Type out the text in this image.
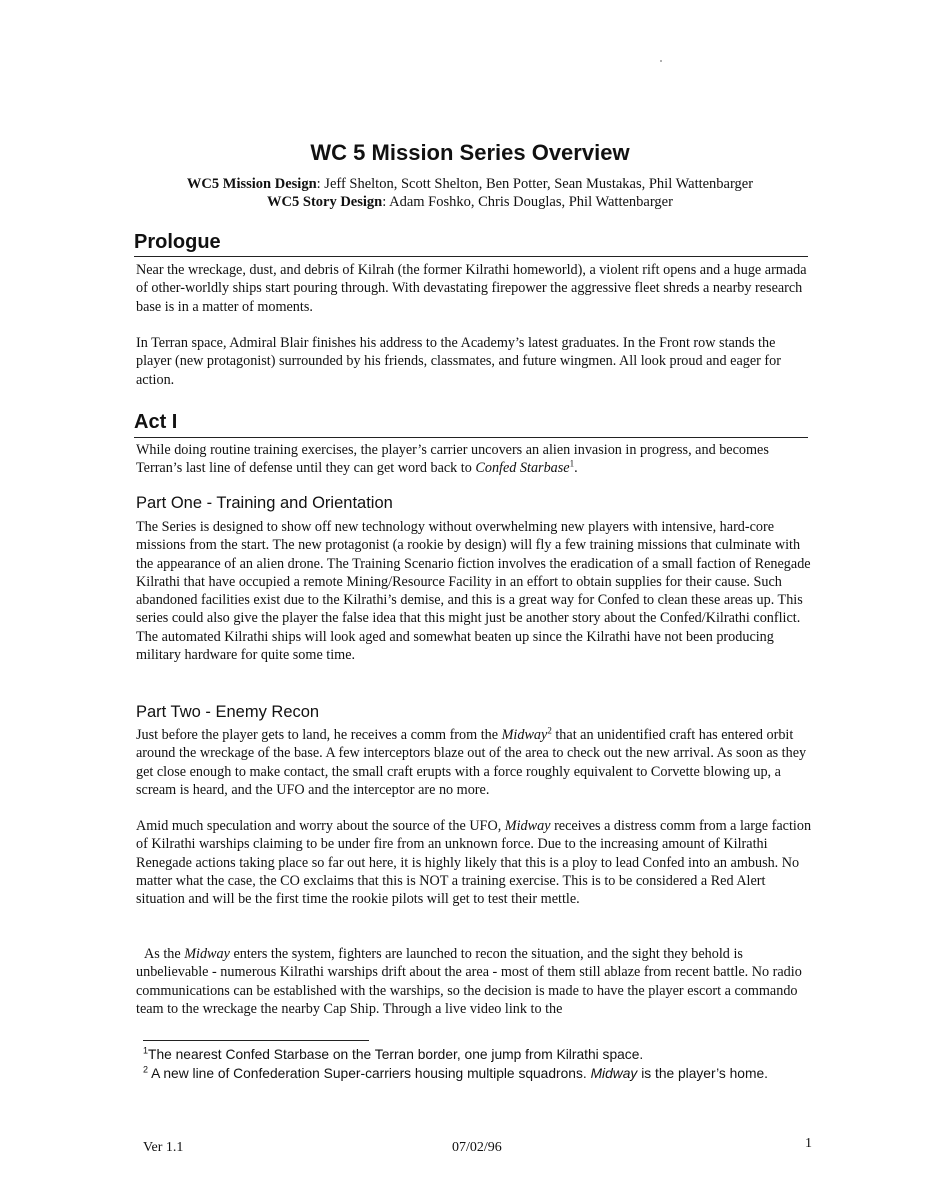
WC 5 Mission Series Overview
WC5 Mission Design: Jeff Shelton, Scott Shelton, Ben Potter, Sean Mustakas, Phil Wattenbarger
WC5 Story Design: Adam Foshko, Chris Douglas, Phil Wattenbarger
Prologue
Near the wreckage, dust, and debris of Kilrah (the former Kilrathi homeworld), a violent rift opens and a huge armada of other-worldly ships start pouring through. With devastating firepower the aggressive fleet shreds a nearby research base is in a matter of moments.
In Terran space, Admiral Blair finishes his address to the Academy’s latest graduates. In the Front row stands the player (new protagonist) surrounded by his friends, classmates, and future wingmen. All look proud and eager for action.
Act I
While doing routine training exercises, the player’s carrier uncovers an alien invasion in progress, and becomes Terran’s last line of defense until they can get word back to Confed Starbase$^1$.
Part One - Training and Orientation
The Series is designed to show off new technology without overwhelming new players with intensive, hard-core missions from the start. The new protagonist (a rookie by design) will fly a few training missions that culminate with the appearance of an alien drone. The Training Scenario fiction involves the eradication of a small faction of Renegade Kilrathi that have occupied a remote Mining/Resource Facility in an effort to obtain supplies for their cause. Such abandoned facilities exist due to the Kilrathi’s demise, and this is a great way for Confed to clean these areas up. This series could also give the player the false idea that this might just be another story about the Confed/Kilrathi conflict. The automated Kilrathi ships will look aged and somewhat beaten up since the Kilrathi have not been producing military hardware for quite some time.
Part Two - Enemy Recon
Just before the player gets to land, he receives a comm from the Midway$^2$ that an unidentified craft has entered orbit around the wreckage of the base. A few interceptors blaze out of the area to check out the new arrival. As soon as they get close enough to make contact, the small craft erupts with a force roughly equivalent to Corvette blowing up, a scream is heard, and the UFO and the interceptor are no more.
Amid much speculation and worry about the source of the UFO, Midway receives a distress comm from a large faction of Kilrathi warships claiming to be under fire from an unknown force. Due to the increasing amount of Kilrathi Renegade actions taking place so far out here, it is highly likely that this is a ploy to lead Confed into an ambush. No matter what the case, the CO exclaims that this is NOT a training exercise. This is to be considered a Red Alert situation and will be the first time the rookie pilots will get to test their mettle.
As the Midway enters the system, fighters are launched to recon the situation, and the sight they behold is unbelievable - numerous Kilrathi warships drift about the area - most of them still ablaze from recent battle. No radio communications can be established with the warships, so the decision is made to have the player escort a commando team to the wreckage the nearby Cap Ship. Through a live video link to the
$^1$The nearest Confed Starbase on the Terran border, one jump from Kilrathi space.
$^2$ A new line of Confederation Super-carriers housing multiple squadrons. Midway is the player’s home.
Ver 1.1	07/02/96	1
